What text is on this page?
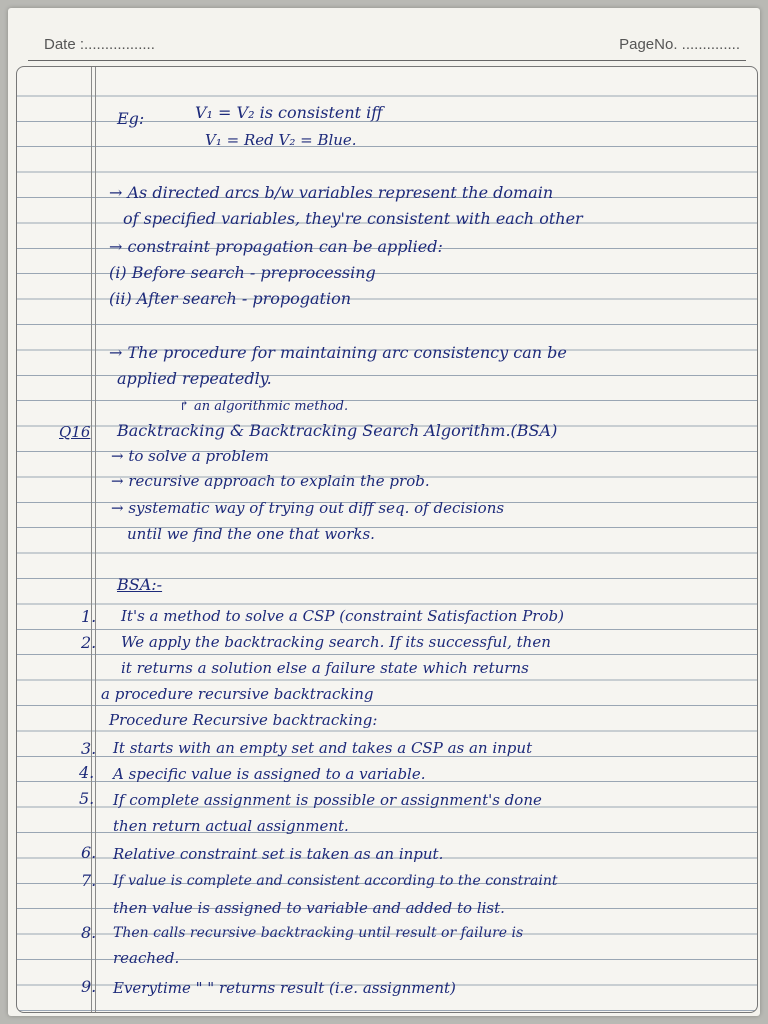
Date :.................	PageNo. ..............
Eg:	V₁ = V₂ is consistent iff
V₁ = Red V₂ = Blue.
→ As directed arcs b/w variables represent the domain
of specified variables, they're consistent with each other
→ constraint propagation can be applied:
(i) Before search - preprocessing
(ii) After search - propogation
→ The procedure for maintaining arc consistency can be
applied repeatedly.
↱ an algorithmic method.
Q16 Backtracking & Backtracking Search Algorithm.(BSA)
→ to solve a problem
→ recursive approach to explain the prob.
→ systematic way of trying out diff seq. of decisions
until we find the one that works.
BSA:-
1. It's a method to solve a CSP (constraint Satisfaction Prob)
2. We apply the backtracking search. If its successful, then
it returns a solution else a failure state which returns
a procedure recursive backtracking
Procedure Recursive backtracking:
3. It starts with an empty set and takes a CSP as an input
4. A specific value is assigned to a variable.
5. If complete assignment is possible or assignment's done
then return actual assignment.
6. Relative constraint set is taken as an input.
7. If value is complete and consistent according to the constraint
then value is assigned to variable and added to list.
8. Then calls recursive backtracking until result or failure is
reached.
9. Everytime " " returns result (i.e. assignment)
